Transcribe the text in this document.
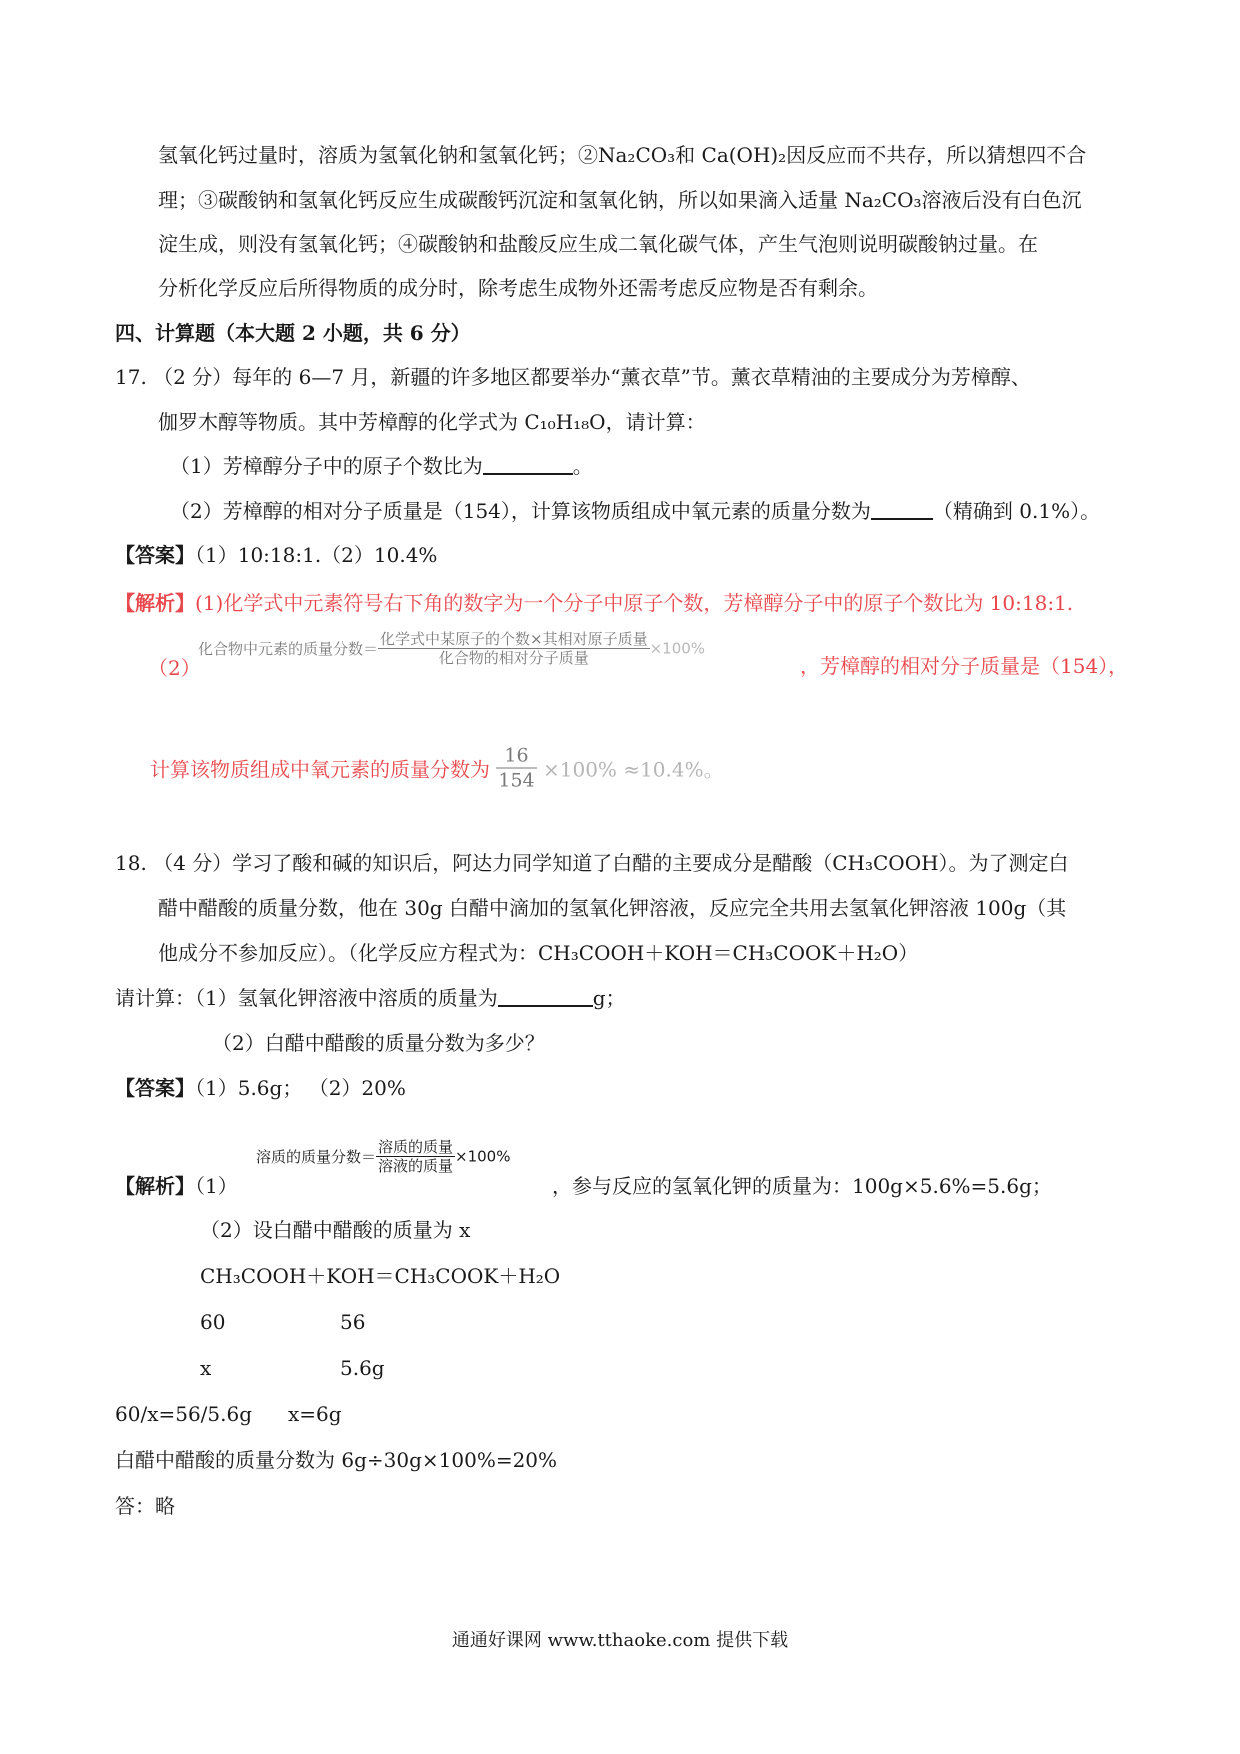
氢氧化钙过量时，溶质为氢氧化钠和氢氧化钙；②Na₂CO₃和 Ca(OH)₂因反应而不共存，所以猜想四不合
理；③碳酸钠和氢氧化钙反应生成碳酸钙沉淀和氢氧化钠，所以如果滴入适量 Na₂CO₃溶液后没有白色沉
淀生成，则没有氢氧化钙；④碳酸钠和盐酸反应生成二氧化碳气体，产生气泡则说明碳酸钠过量。在
分析化学反应后所得物质的成分时，除考虑生成物外还需考虑反应物是否有剩余。
四、计算题（本大题 2 小题，共 6 分）
17. （2 分）每年的 6—7 月，新疆的许多地区都要举办“薰衣草”节。薰衣草精油的主要成分为芳樟醇、
伽罗木醇等物质。其中芳樟醇的化学式为 C₁₀H₁₈O，请计算：
（1）芳樟醇分子中的原子个数比为	。
（2）芳樟醇的相对分子质量是（154），计算该物质组成中氧元素的质量分数为	（精确到 0.1%）。
【答案】（1）10:18:1.（2）10.4%
【解析】(1)化学式中元素符号右下角的数字为一个分子中原子个数，芳樟醇分子中的原子个数比为 10:18:1.
（2）
化合物中元素的质量分数＝ $\frac{\text{化学式中某原子的个数×其相对原子质量}}{\text{化合物的相对分子质量}} \times 100\%$
，芳樟醇的相对分子质量是（154），
计算该物质组成中氧元素的质量分数为 $\frac{16}{154} \times 100\% \approx 10.4\%$。
18. （4 分）学习了酸和碱的知识后，阿达力同学知道了白醋的主要成分是醋酸（CH₃COOH）。为了测定白
醋中醋酸的质量分数，他在 30g 白醋中滴加的氢氧化钾溶液，反应完全共用去氢氧化钾溶液 100g（其
他成分不参加反应）。（化学反应方程式为：CH₃COOH＋KOH＝CH₃COOK＋H₂O）
请计算：（1）氢氧化钾溶液中溶质的质量为	g；
（2）白醋中醋酸的质量分数为多少？
【答案】（1）5.6g； （2）20%
【解析】（1）
溶质的质量分数＝ $\frac{\text{溶质的质量}}{\text{溶液的质量}} \times 100\%$
，参与反应的氢氧化钾的质量为：100g×5.6%=5.6g；
（2）设白醋中醋酸的质量为 x
CH₃COOH＋KOH＝CH₃COOK＋H₂O
60	56
x	5.6g
60/x=56/5.6g x=6g
白醋中醋酸的质量分数为 6g÷30g×100%=20%
答：略
通通好课网 www.tthaoke.com 提供下载
